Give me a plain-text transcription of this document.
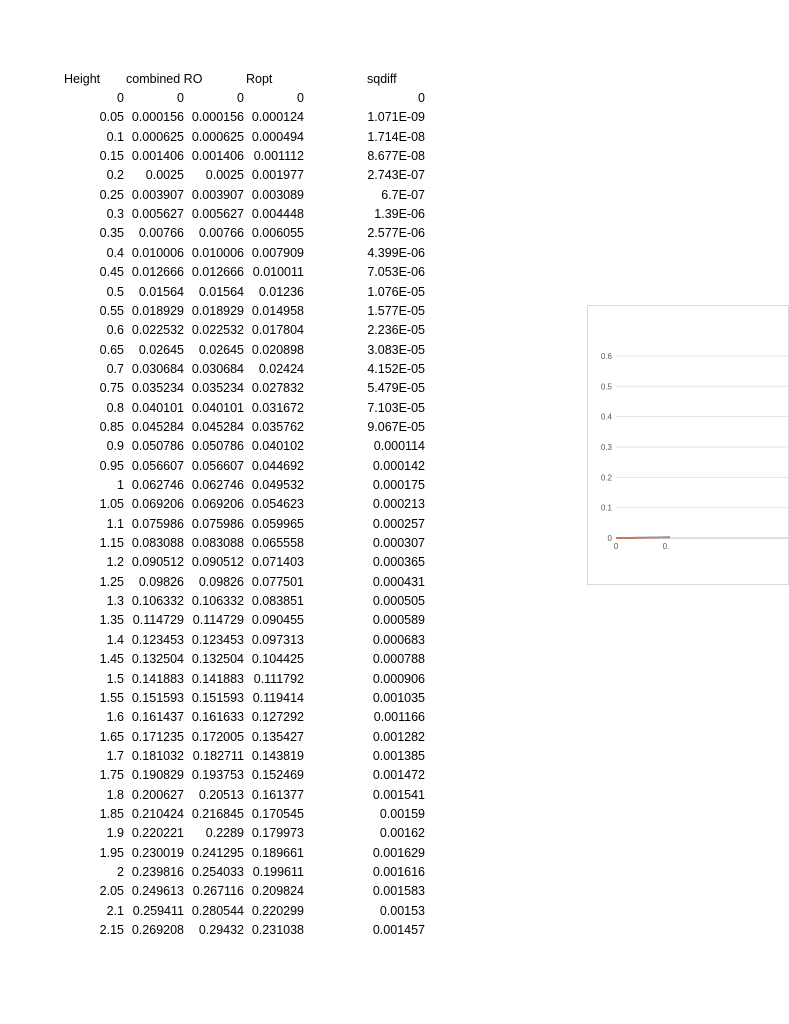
Height combined RO	Ropt	sqdiff
0	0	0	0	0
0.05 0.000156 0.000156 0.000124	1.071E-09
0.1 0.000625 0.000625 0.000494	1.714E-08
0.15 0.001406 0.001406 0.001112	8.677E-08
0.2	0.0025	0.0025 0.001977	2.743E-07
0.25 0.003907 0.003907 0.003089	6.7E-07
0.3 0.005627 0.005627 0.004448	1.39E-06
0.35	0.00766	0.00766 0.006055	2.577E-06
0.4 0.010006 0.010006 0.007909	4.399E-06
0.45 0.012666 0.012666 0.010011	7.053E-06
0.5	0.01564	0.01564	0.01236	1.076E-05
0.55 0.018929 0.018929 0.014958	1.577E-05
0.6 0.022532 0.022532 0.017804	2.236E-05
0.65	0.02645	0.02645 0.020898	3.083E-05
0.7 0.030684 0.030684	0.02424	4.152E-05
0.75 0.035234 0.035234 0.027832	5.479E-05
0.8 0.040101 0.040101 0.031672	7.103E-05
0.85 0.045284 0.045284 0.035762	9.067E-05
0.9 0.050786 0.050786 0.040102	0.000114
0.95 0.056607 0.056607 0.044692	0.000142
1 0.062746 0.062746 0.049532	0.000175
1.05 0.069206 0.069206 0.054623	0.000213
1.1 0.075986 0.075986 0.059965	0.000257
1.15 0.083088 0.083088 0.065558	0.000307
1.2 0.090512 0.090512 0.071403	0.000365
1.25	0.09826	0.09826 0.077501	0.000431
1.3 0.106332 0.106332 0.083851	0.000505
1.35 0.114729 0.114729 0.090455	0.000589
1.4 0.123453 0.123453 0.097313	0.000683
1.45 0.132504 0.132504 0.104425	0.000788
1.5 0.141883 0.141883 0.111792	0.000906
1.55 0.151593 0.151593 0.119414	0.001035
1.6 0.161437 0.161633 0.127292	0.001166
1.65 0.171235 0.172005 0.135427	0.001282
1.7 0.181032 0.182711 0.143819	0.001385
1.75 0.190829 0.193753 0.152469	0.001472
1.8 0.200627	0.20513 0.161377	0.001541
1.85 0.210424 0.216845 0.170545	0.00159
1.9 0.220221	0.2289 0.179973	0.00162
1.95 0.230019 0.241295 0.189661	0.001629
2 0.239816 0.254033 0.199611	0.001616
2.05 0.249613 0.267116 0.209824	0.001583
2.1 0.259411 0.280544 0.220299	0.00153
2.15 0.269208	0.29432 0.231038	0.001457
0
0.1
0.2
0.3
0.4
0.5
0.6
0	0.
